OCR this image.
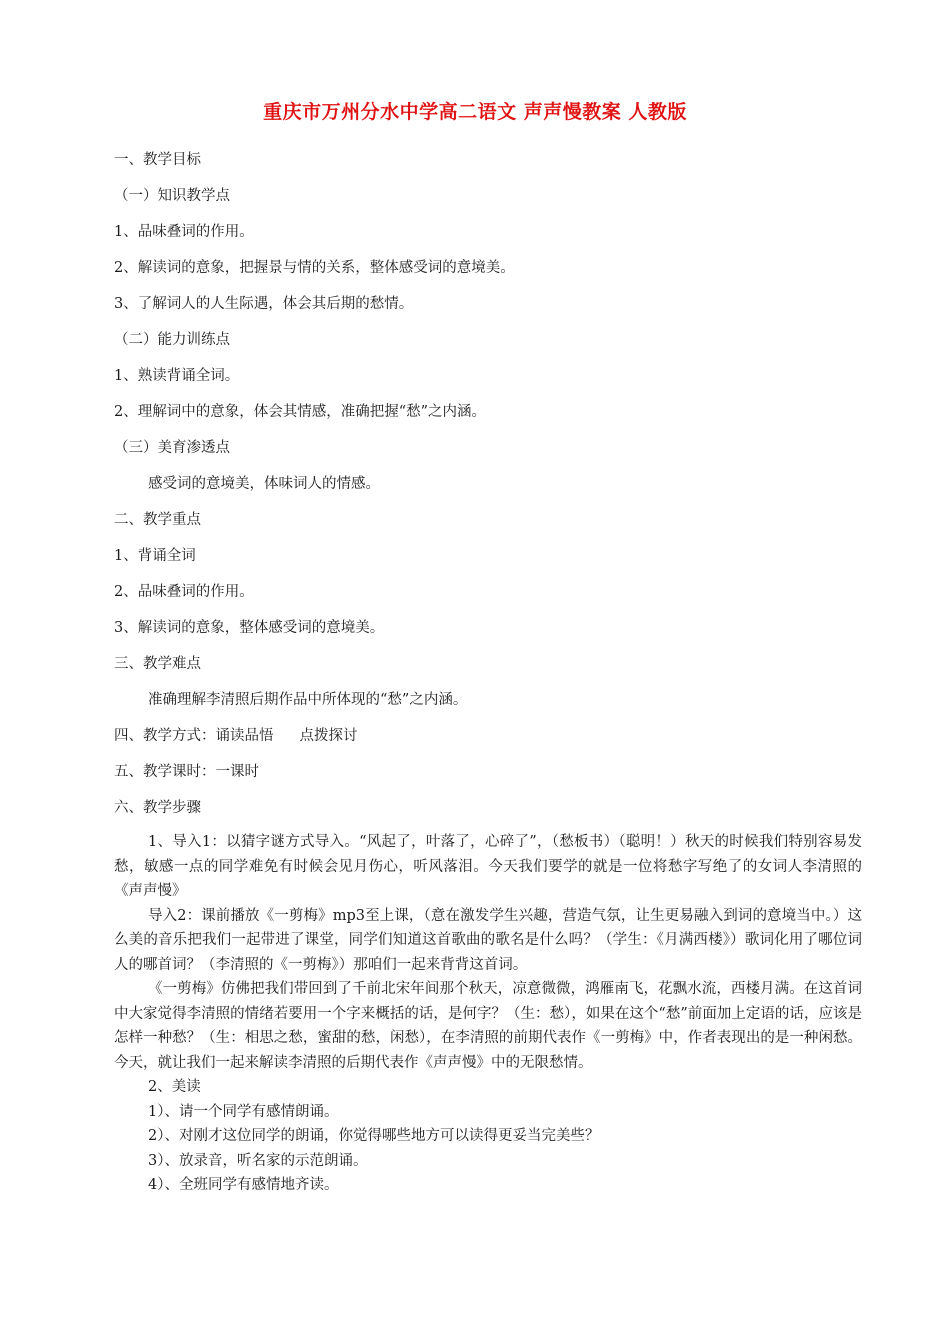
重庆市万州分水中学高二语文 声声慢教案 人教版
一、教学目标
（一）知识教学点
1、品味叠词的作用。
2、解读词的意象，把握景与情的关系，整体感受词的意境美。
3、了解词人的人生际遇，体会其后期的愁情。
（二）能力训练点
1、熟读背诵全词。
2、理解词中的意象，体会其情感，准确把握“愁”之内涵。
（三）美育渗透点
感受词的意境美，体味词人的情感。
二、教学重点
1、背诵全词
2、品味叠词的作用。
3、解读词的意象，整体感受词的意境美。
三、教学难点
准确理解李清照后期作品中所体现的“愁”之内涵。
四、教学方式：诵读品悟 点拨探讨
五、教学课时：一课时
六、教学步骤

1、导入1：以猜字谜方式导入。“风起了，叶落了，心碎了”，（愁板书）（聪明！）秋天的时候我们特别容易发愁，敏感一点的同学难免有时候会见月伤心，听风落泪。今天我们要学的就是一位将愁字写绝了的女词人李清照的《声声慢》

导入2：课前播放《一剪梅》mp3至上课，（意在激发学生兴趣，营造气氛，让生更易融入到词的意境当中。）这么美的音乐把我们一起带进了课堂，同学们知道这首歌曲的歌名是什么吗？（学生：《月满西楼》）歌词化用了哪位词人的哪首词？（李清照的《一剪梅》）那咱们一起来背背这首词。

《一剪梅》仿佛把我们带回到了千前北宋年间那个秋天，凉意微微，鸿雁南飞，花飘水流，西楼月满。在这首词中大家觉得李清照的情绪若要用一个字来概括的话，是何字？（生：愁），如果在这个“愁”前面加上定语的话，应该是怎样一种愁？（生：相思之愁，蜜甜的愁，闲愁），在李清照的前期代表作《一剪梅》中，作者表现出的是一种闲愁。今天，就让我们一起来解读李清照的后期代表作《声声慢》中的无限愁情。

2、美读
1）、请一个同学有感情朗诵。
2）、对刚才这位同学的朗诵，你觉得哪些地方可以读得更妥当完美些？
3）、放录音，听名家的示范朗诵。
4）、全班同学有感情地齐读。
